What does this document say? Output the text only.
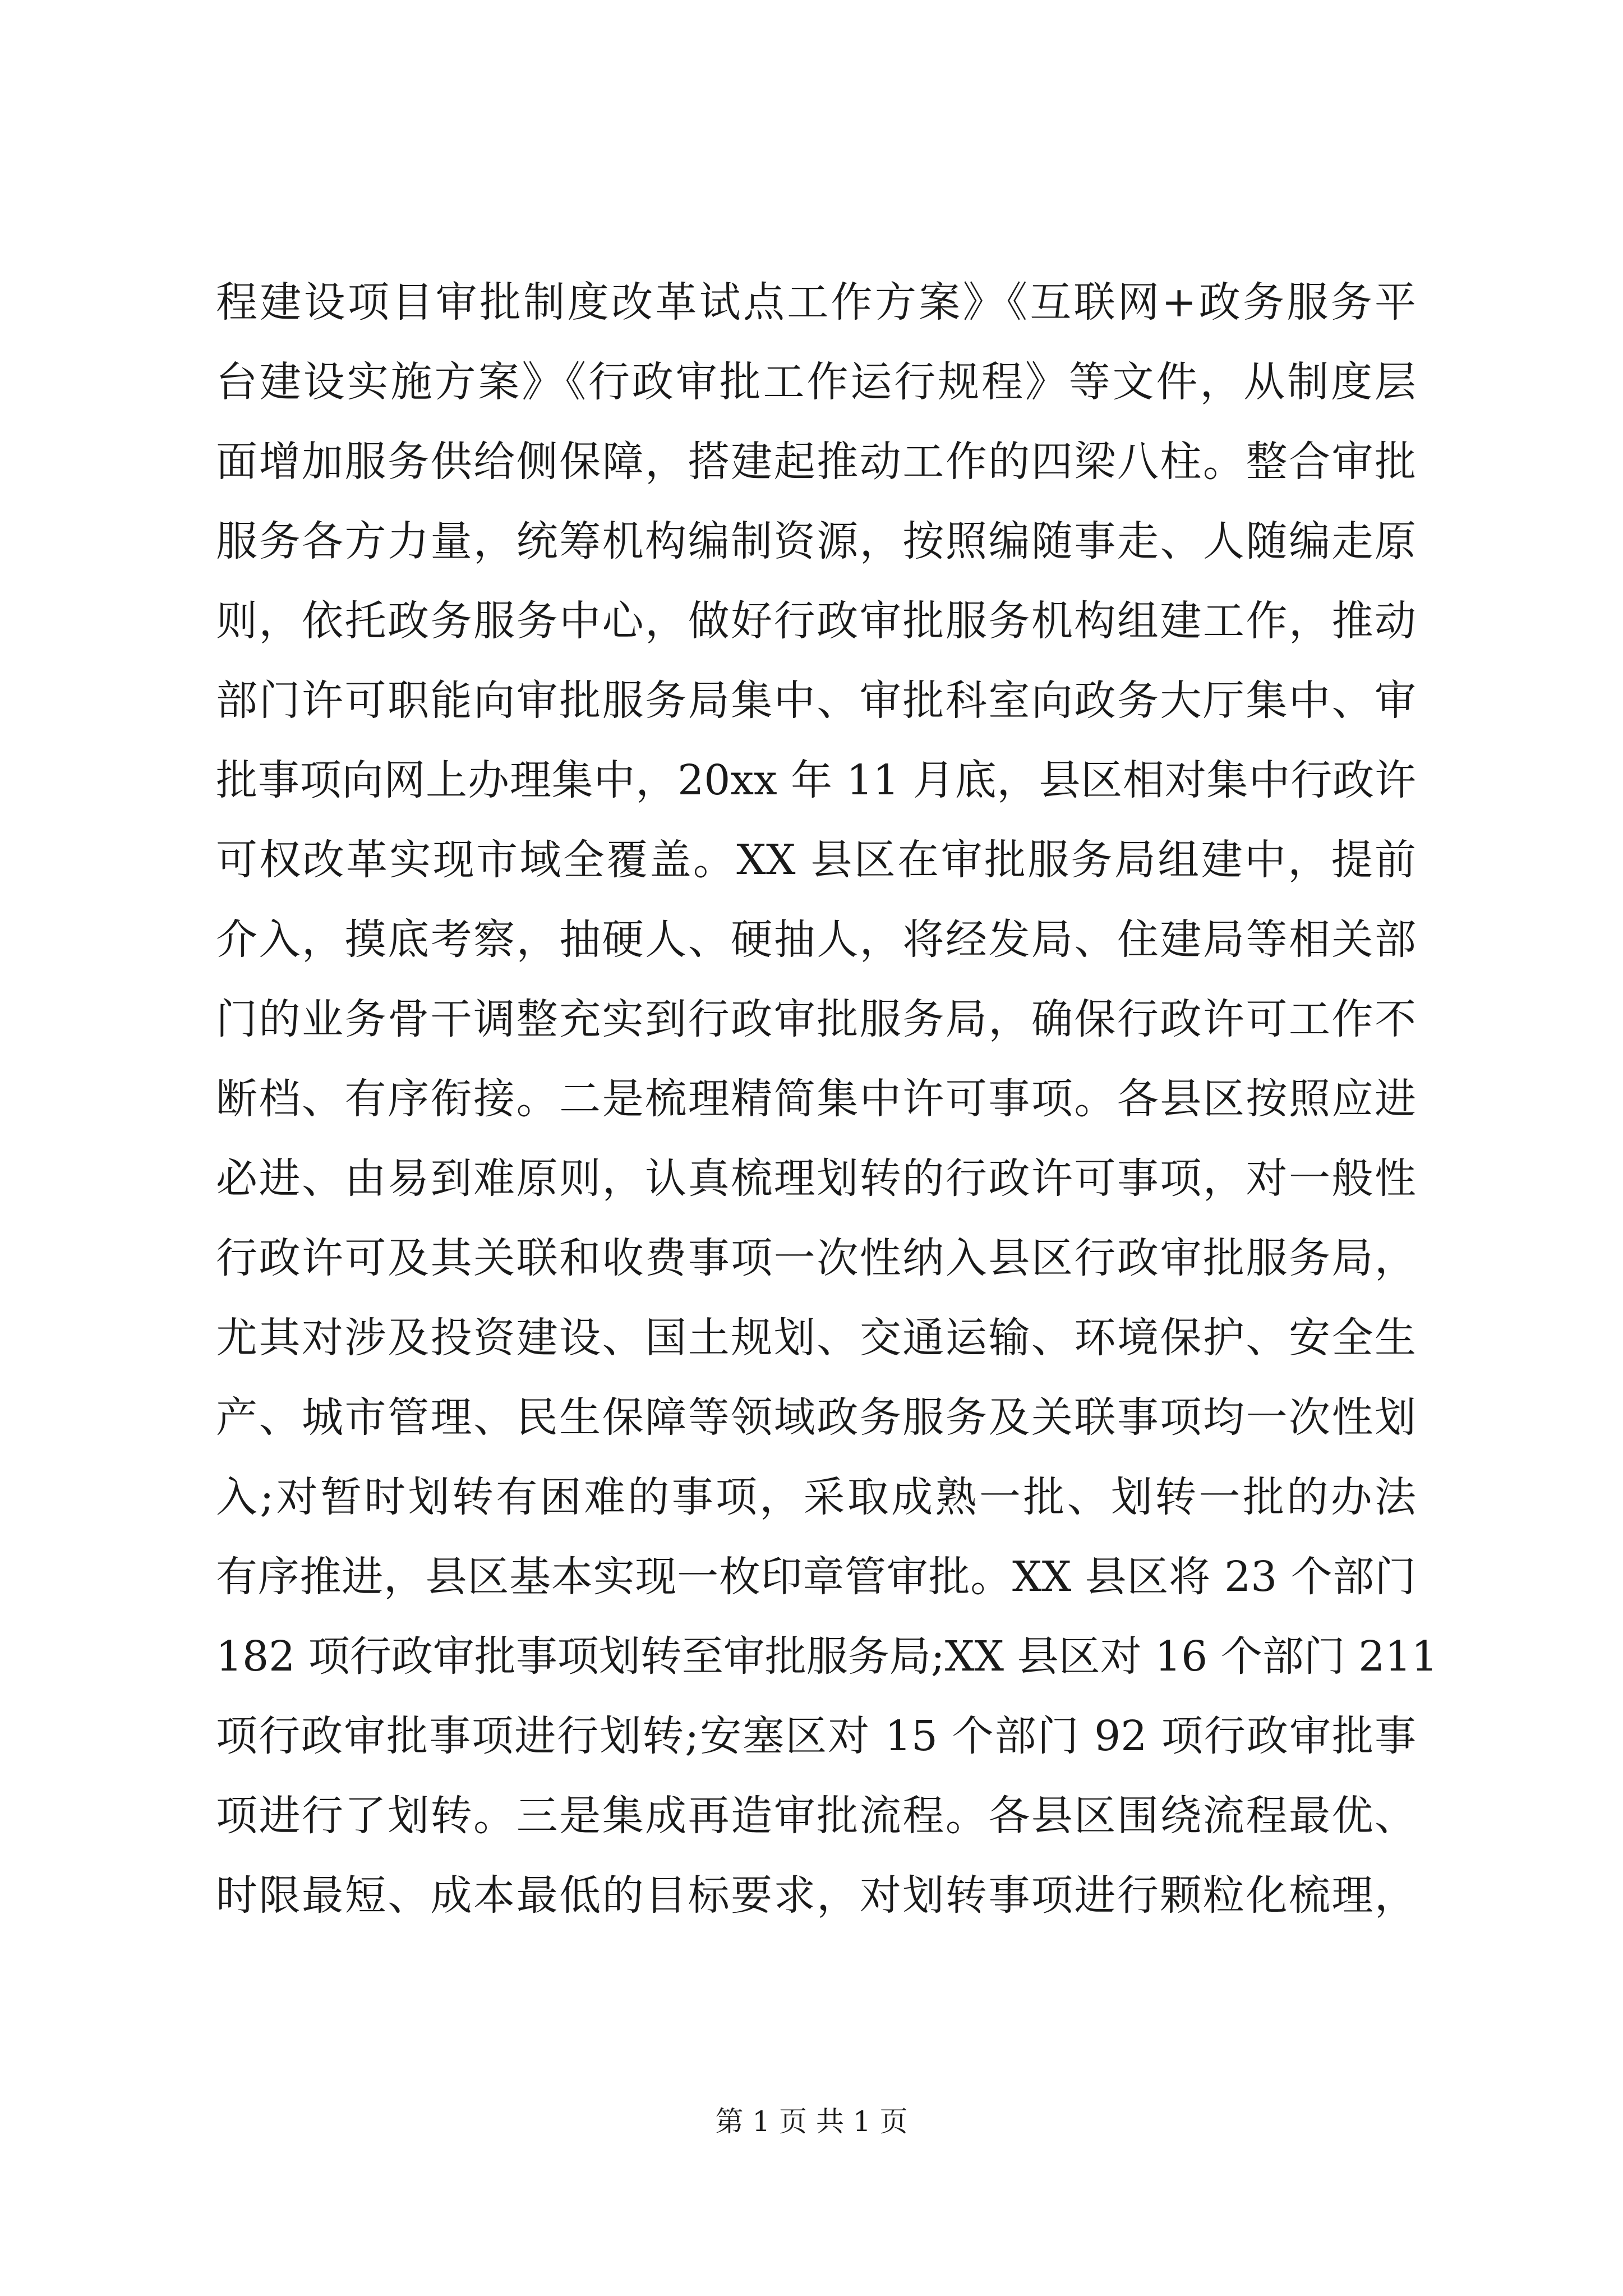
程建设项目审批制度改革试点工作方案》《互联网+政务服务平
台建设实施方案》《行政审批工作运行规程》等文件，从制度层
面增加服务供给侧保障，搭建起推动工作的四梁八柱。整合审批
服务各方力量，统筹机构编制资源，按照编随事走、人随编走原
则，依托政务服务中心，做好行政审批服务机构组建工作，推动
部门许可职能向审批服务局集中、审批科室向政务大厅集中、审
批事项向网上办理集中，20xx 年 11 月底，县区相对集中行政许
可权改革实现市域全覆盖。XX 县区在审批服务局组建中，提前
介入，摸底考察，抽硬人、硬抽人，将经发局、住建局等相关部
门的业务骨干调整充实到行政审批服务局，确保行政许可工作不
断档、有序衔接。二是梳理精简集中许可事项。各县区按照应进
必进、由易到难原则，认真梳理划转的行政许可事项，对一般性
行政许可及其关联和收费事项一次性纳入县区行政审批服务局，
尤其对涉及投资建设、国土规划、交通运输、环境保护、安全生
产、城市管理、民生保障等领域政务服务及关联事项均一次性划
入;对暂时划转有困难的事项，采取成熟一批、划转一批的办法
有序推进，县区基本实现一枚印章管审批。XX 县区将 23 个部门
182 项行政审批事项划转至审批服务局;XX 县区对 16 个部门 211
项行政审批事项进行划转;安塞区对 15 个部门 92 项行政审批事
项进行了划转。三是集成再造审批流程。各县区围绕流程最优、
时限最短、成本最低的目标要求，对划转事项进行颗粒化梳理，
第 1 页 共 1 页
